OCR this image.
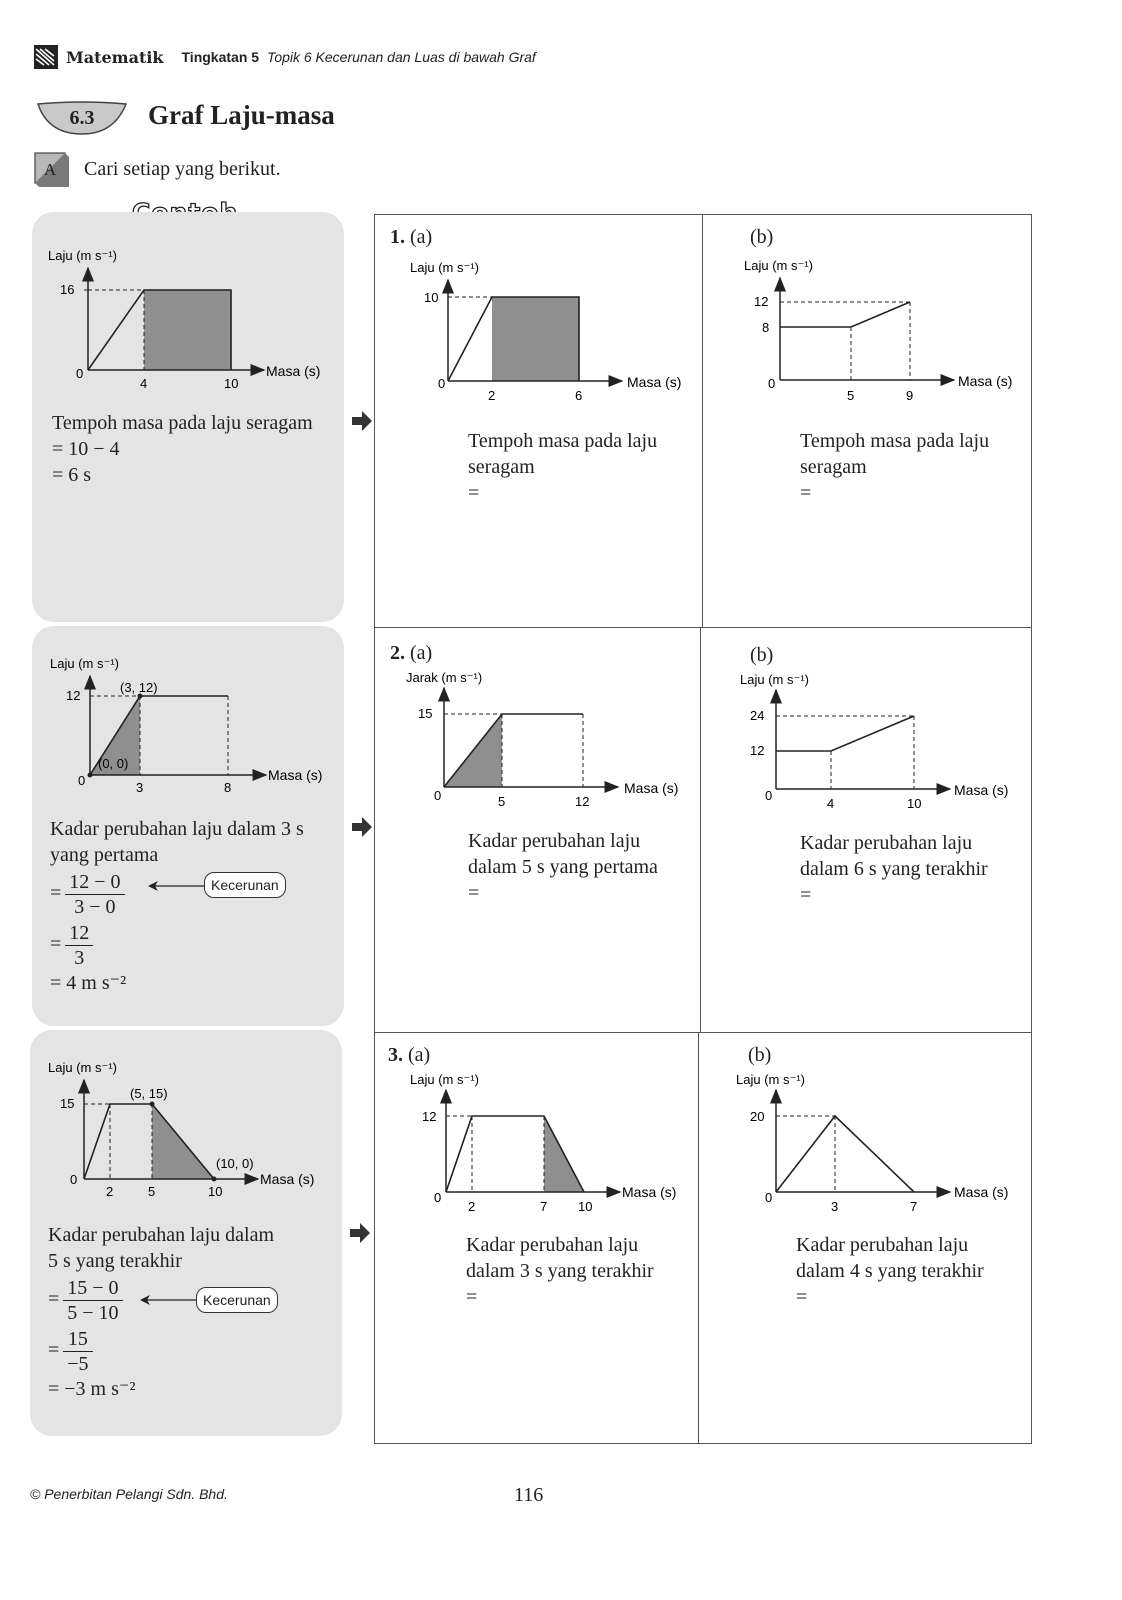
Matematik Tingkatan 5 Topik 6 Kecerunan dan Luas di bawah Graf
6.3 Graf Laju-masa
A Cari setiap yang berikut.
Laju (m s⁻¹)
Masa (s)
0
16
4	10
Tempoh masa pada laju seragam
= 10 − 4
= 6 s
Laju (m s⁻¹)
Masa (s)
0
12
3	8
(3, 12)
(0, 0)
Kadar perubahan laju dalam 3 s
yang pertama
= $\frac{12 - 0}{3 - 0}$
= $\frac{12}{3}$
= 4 m s⁻²
Kecerunan
Laju (m s⁻¹)
Masa (s)
0
15
2	5	10
(5, 15)
(10, 0)
Kadar perubahan laju dalam
5 s yang terakhir
= $\frac{15 - 0}{5 - 10}$
= $\frac{15}{-5}$
= −3 m s⁻²
Kecerunan
1. (a)	(b)
Laju (m s⁻¹)
Masa (s)
0
10
2	6
Tempoh masa pada laju
seragam
=
Laju (m s⁻¹)
Masa (s)
0
12
8
5	9
Tempoh masa pada laju
seragam
=
2. (a)	(b)
Jarak (m s⁻¹)
Masa (s)
0
15
5	12
Kadar perubahan laju
dalam 5 s yang pertama
=
Laju (m s⁻¹)
Masa (s)
0
24
12
4	10
Kadar perubahan laju
dalam 6 s yang terakhir
=
3. (a)	(b)
Laju (m s⁻¹)
Masa (s)
0
12
2	7 10
Kadar perubahan laju
dalam 3 s yang terakhir
=
Laju (m s⁻¹)
Masa (s)
0
20
3	7
Kadar perubahan laju
dalam 4 s yang terakhir
=
© Penerbitan Pelangi Sdn. Bhd.	116
